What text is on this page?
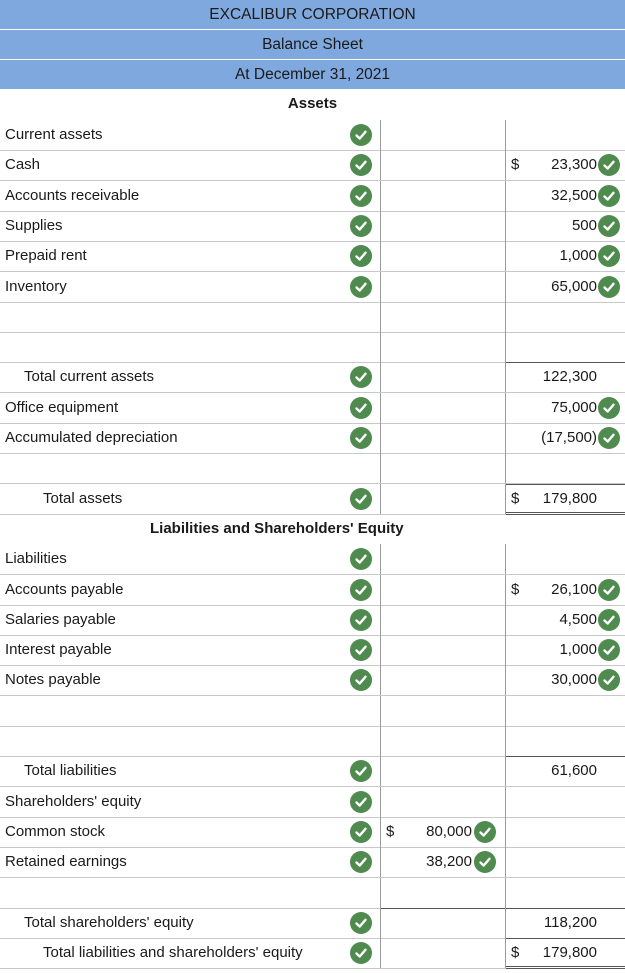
EXCALIBUR CORPORATION
Balance Sheet
At December 31, 2021
Assets
Current assets
Cash	$ 23,300
Accounts receivable	32,500
Supplies	500
Prepaid rent	1,000
Inventory	65,000
Total current assets	122,300
Office equipment	75,000
Accumulated depreciation	(17,500)
Total assets	$ 179,800
Liabilities and Shareholders' Equity
Liabilities
Accounts payable	$ 26,100
Salaries payable	4,500
Interest payable	1,000
Notes payable	30,000
Total liabilities	61,600
Shareholders' equity
Common stock	$ 80,000
Retained earnings	38,200
Total shareholders' equity	118,200
Total liabilities and shareholders' equity	$ 179,800
